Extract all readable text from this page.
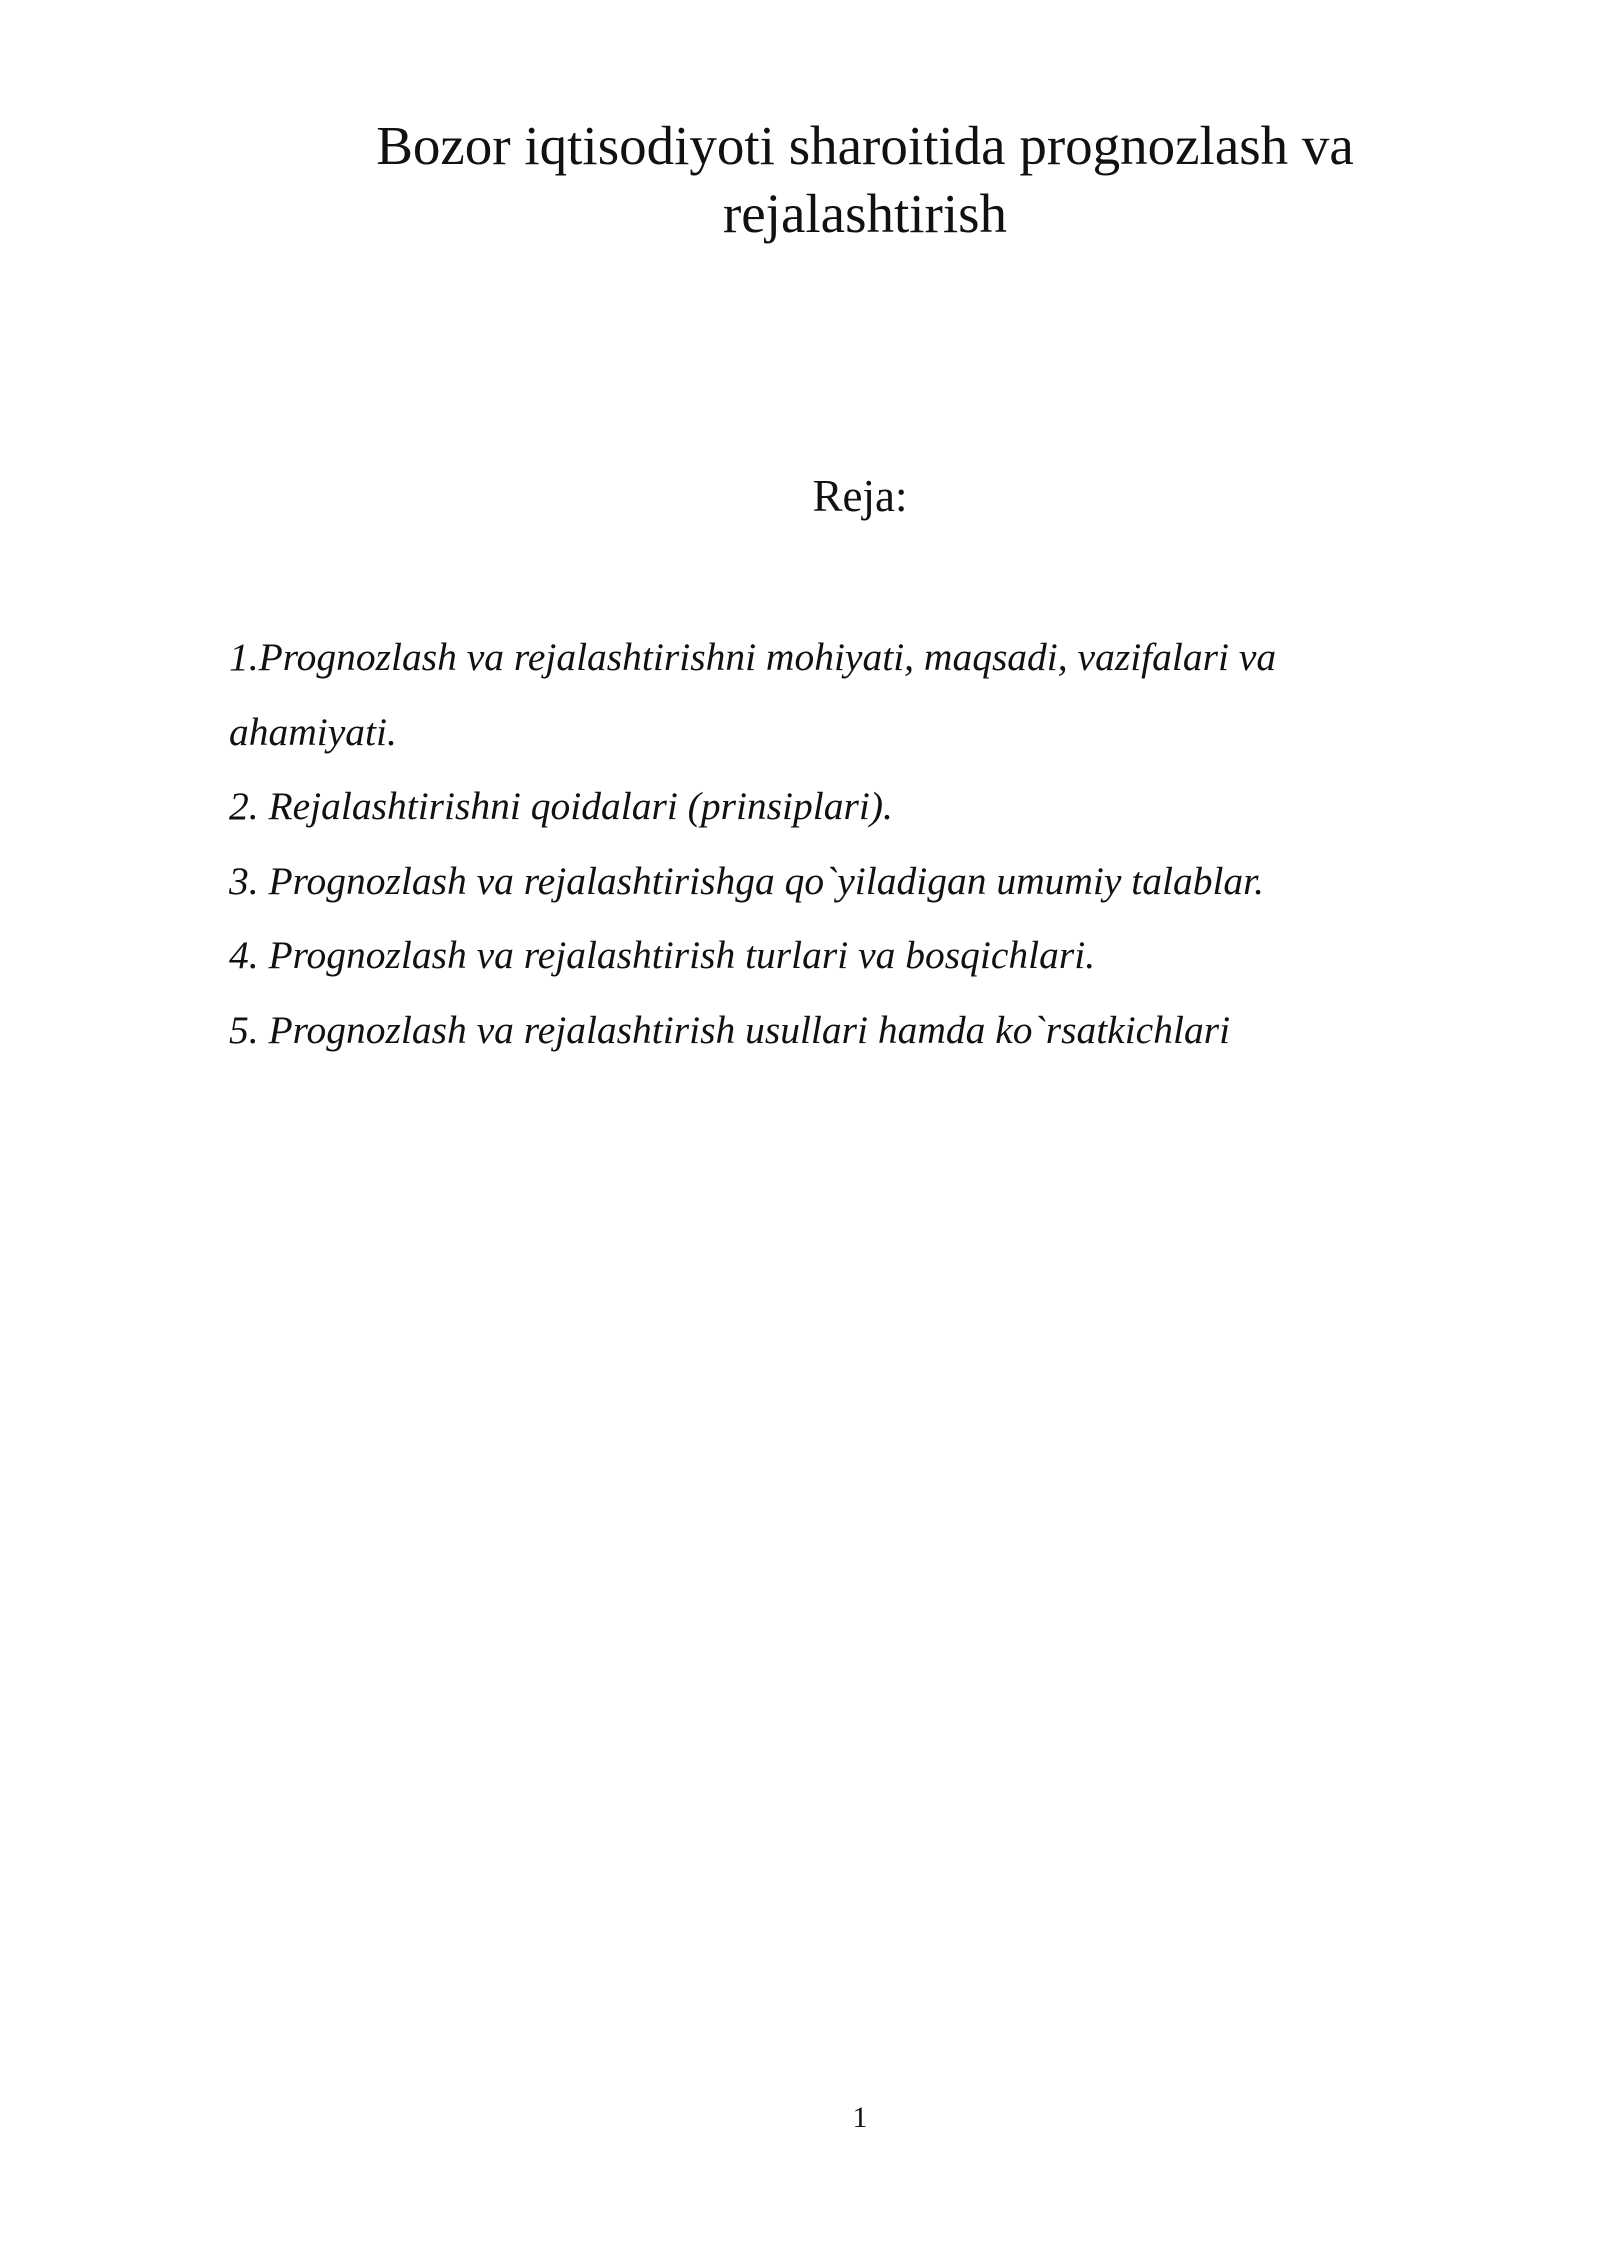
Bozor iqtisodiyoti sharoitida prognozlash va
rejalashtirish
Reja:
1.Prognozlash va rejalashtirishni mohiyati, maqsadi, vazifalari va ahamiyati.
2. Rejalashtirishni qoidalari (prinsiplari).
3. Prognozlash va rejalashtirishga qo`yiladigan umumiy talablar.
4. Prognozlash va rejalashtirish turlari va bosqichlari.
5. Prognozlash va rejalashtirish usullari hamda ko`rsatkichlari
1
